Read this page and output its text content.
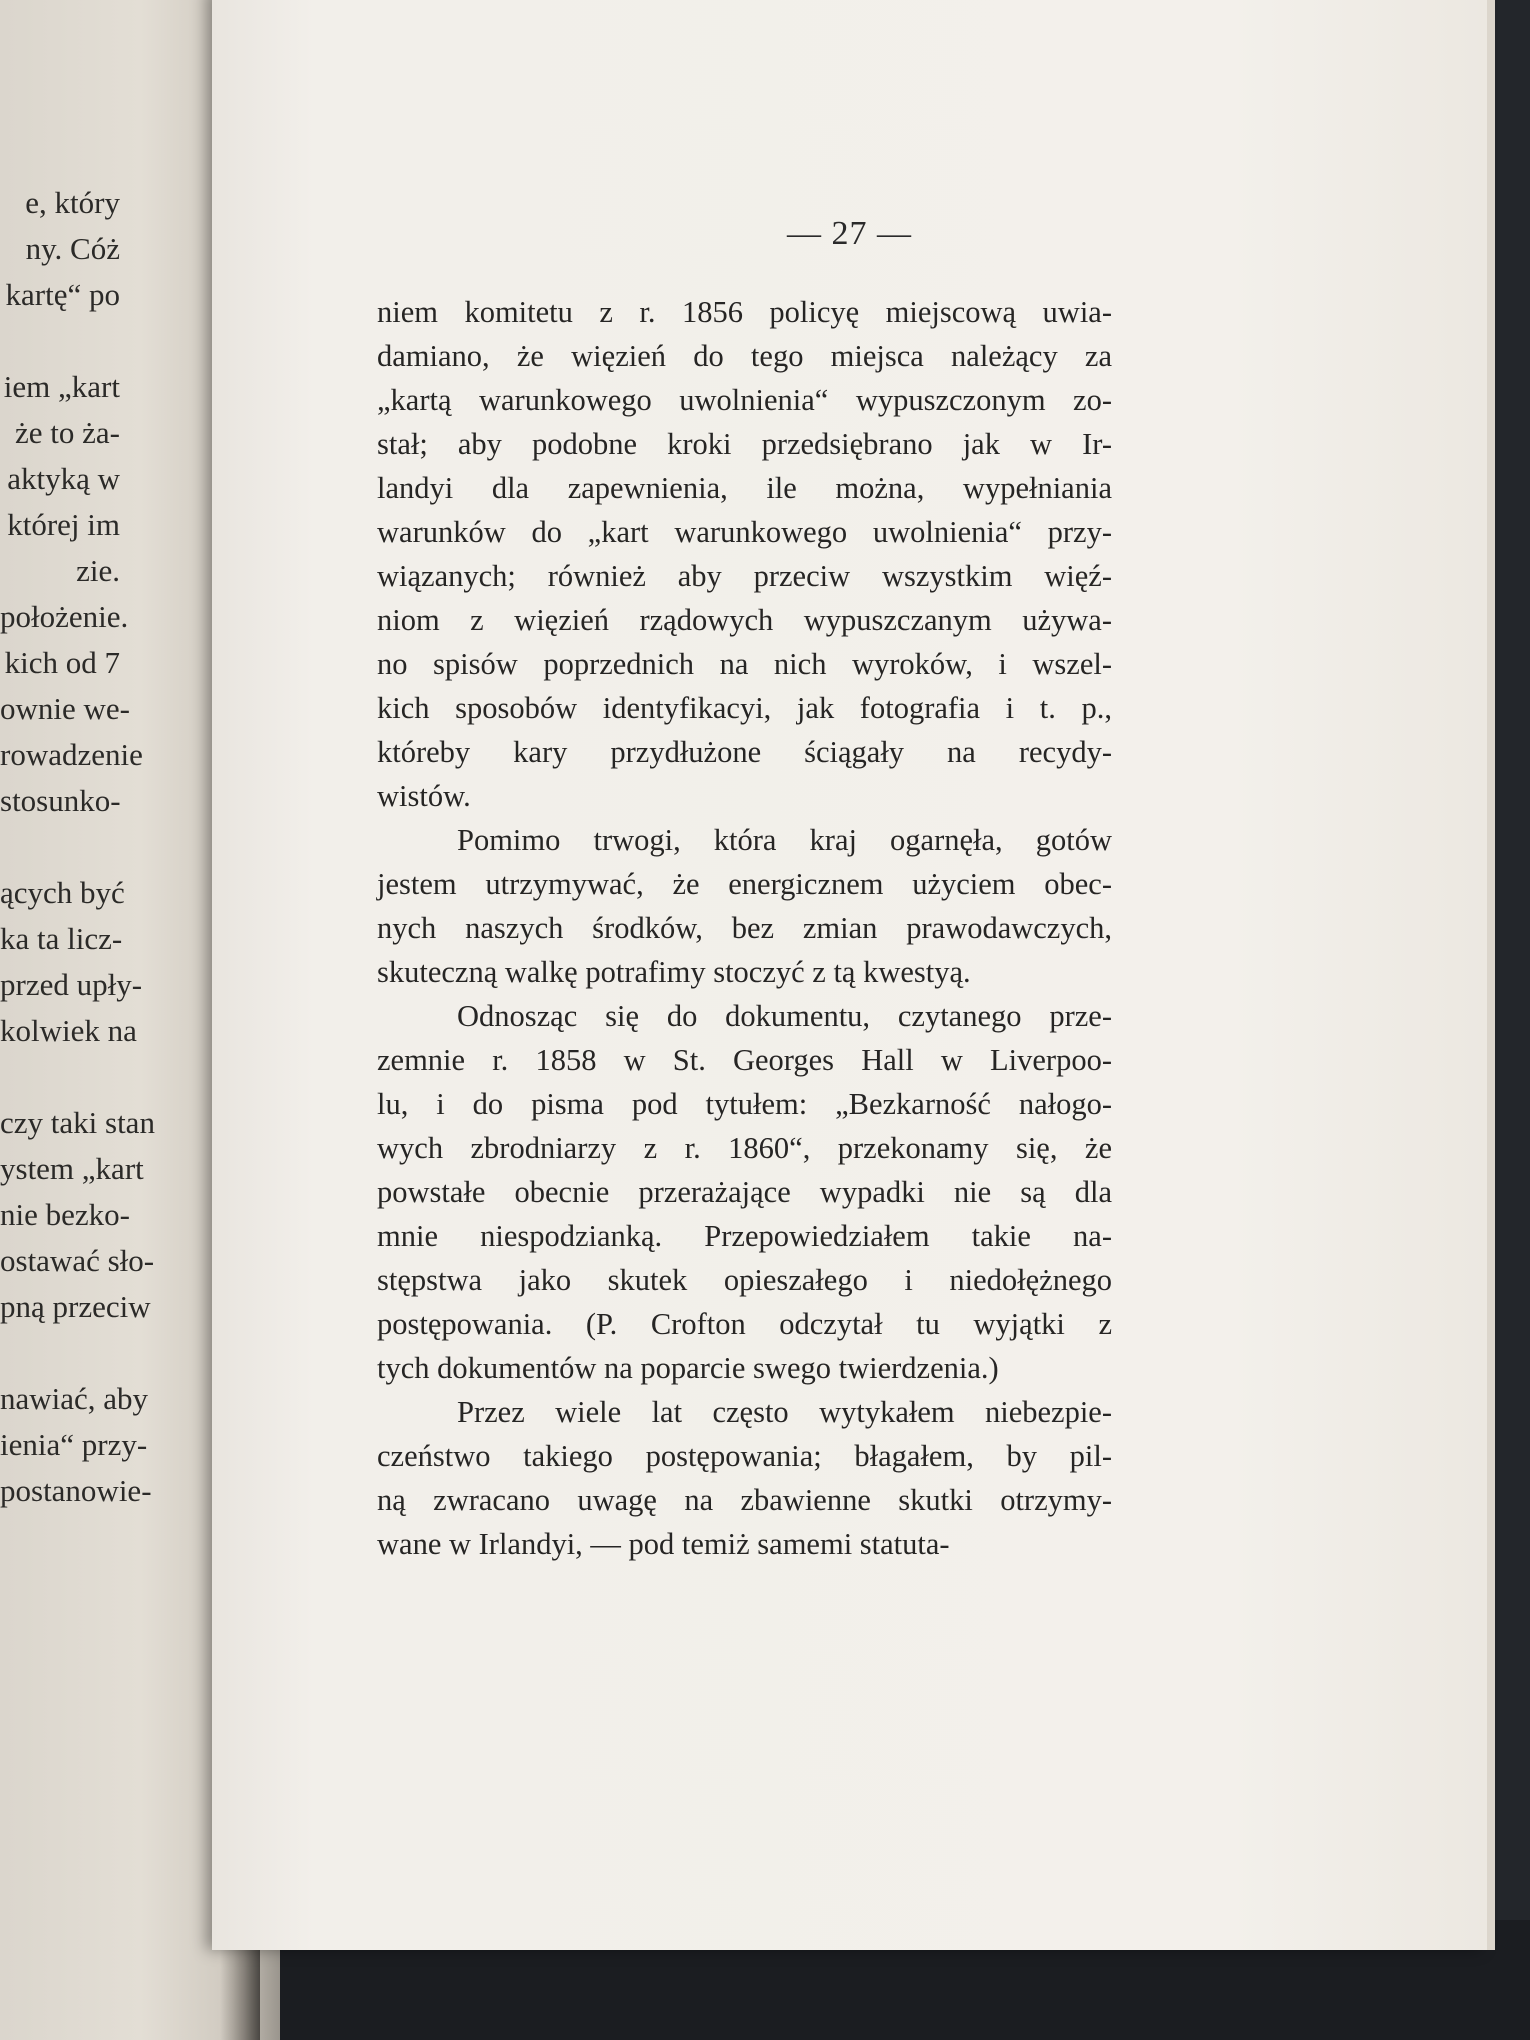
e, który
ny. Cóż
kartę“ po
iem „kart
że to ża-
aktyką w
której im
zie.
położenie.
kich od 7
ownie we-
rowadzenie
stosunko-
ących być
ka ta licz-
przed upły-
kolwiek na
czy taki stan
ystem „kart
nie bezko-
ostawać sło-
pną przeciw
nawiać, aby
ienia“ przy-
postanowie-
— 27 —
niem komitetu z r. 1856 policyę miejscową uwia-
damiano, że więzień do tego miejsca należący za
„kartą warunkowego uwolnienia“ wypuszczonym zo-
stał; aby podobne kroki przedsiębrano jak w Ir-
landyi dla zapewnienia, ile można, wypełniania
warunków do „kart warunkowego uwolnienia“ przy-
wiązanych; również aby przeciw wszystkim więź-
niom z więzień rządowych wypuszczanym używa-
no spisów poprzednich na nich wyroków, i wszel-
kich sposobów identyfikacyi, jak fotografia i t. p.,
któreby kary przydłużone ściągały na recydy-
wistów.
Pomimo trwogi, która kraj ogarnęła, gotów
jestem utrzymywać, że energicznem użyciem obec-
nych naszych środków, bez zmian prawodawczych,
skuteczną walkę potrafimy stoczyć z tą kwestyą.
Odnosząc się do dokumentu, czytanego prze-
zemnie r. 1858 w St. Georges Hall w Liverpoo-
lu, i do pisma pod tytułem: „Bezkarność nałogo-
wych zbrodniarzy z r. 1860“, przekonamy się, że
powstałe obecnie przerażające wypadki nie są dla
mnie niespodzianką. Przepowiedziałem takie na-
stępstwa jako skutek opieszałego i niedołężnego
postępowania. (P. Crofton odczytał tu wyjątki z
tych dokumentów na poparcie swego twierdzenia.)
Przez wiele lat często wytykałem niebezpie-
czeństwo takiego postępowania; błagałem, by pil-
ną zwracano uwagę na zbawienne skutki otrzymy-
wane w Irlandyi, — pod temiż samemi statuta-
